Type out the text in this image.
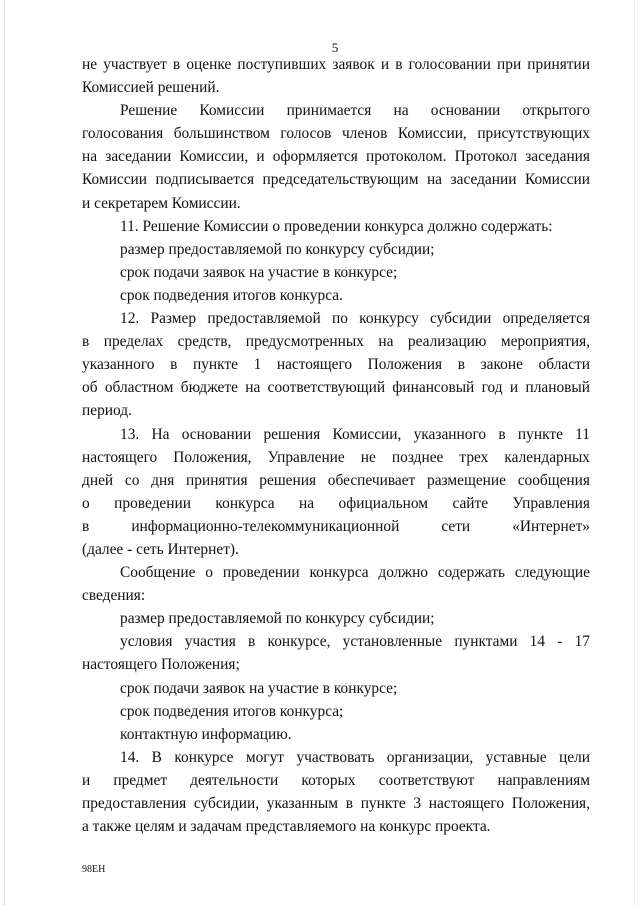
5
не участвует в оценке поступивших заявок и в голосовании при принятии
Комиссией решений.
Решение Комиссии принимается на основании открытого
голосования большинством голосов членов Комиссии, присутствующих
на заседании Комиссии, и оформляется протоколом. Протокол заседания
Комиссии подписывается председательствующим на заседании Комиссии
и секретарем Комиссии.
11. Решение Комиссии о проведении конкурса должно содержать:
размер предоставляемой по конкурсу субсидии;
срок подачи заявок на участие в конкурсе;
срок подведения итогов конкурса.
12. Размер предоставляемой по конкурсу субсидии определяется
в пределах средств, предусмотренных на реализацию мероприятия,
указанного в пункте 1 настоящего Положения в законе области
об областном бюджете на соответствующий финансовый год и плановый
период.
13. На основании решения Комиссии, указанного в пункте 11
настоящего Положения, Управление не позднее трех календарных
дней со дня принятия решения обеспечивает размещение сообщения
о проведении конкурса на официальном сайте Управления
в информационно-телекоммуникационной сети «Интернет»
(далее - сеть Интернет).
Сообщение о проведении конкурса должно содержать следующие
сведения:
размер предоставляемой по конкурсу субсидии;
условия участия в конкурсе, установленные пунктами 14 - 17
настоящего Положения;
срок подачи заявок на участие в конкурсе;
срок подведения итогов конкурса;
контактную информацию.
14. В конкурсе могут участвовать организации, уставные цели
и предмет деятельности которых соответствуют направлениям
предоставления субсидии, указанным в пункте 3 настоящего Положения,
а также целям и задачам представляемого на конкурс проекта.
98ЕН
